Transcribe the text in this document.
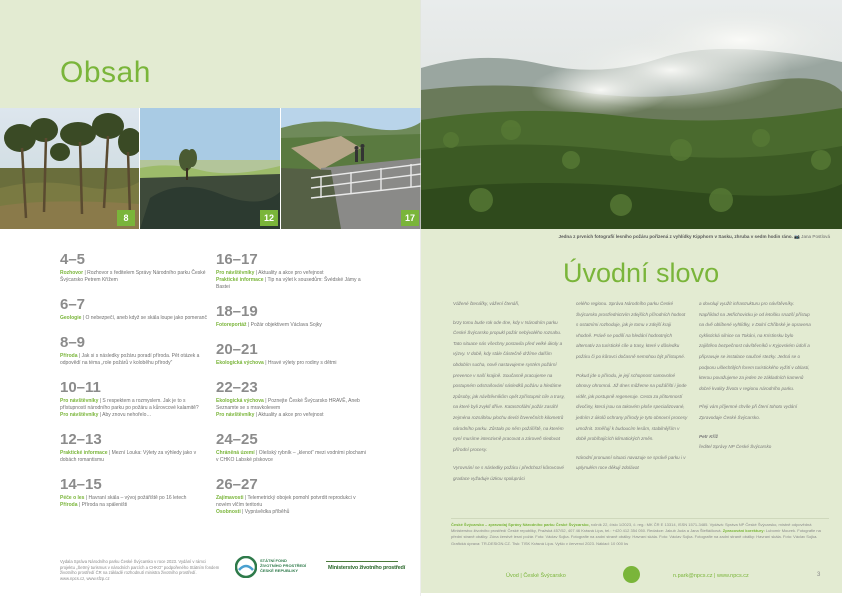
Obsah
8	12	17
4–5
Rozhovor | Rozhovor s ředitelem Správy Národního parku České Švýcarsko Petrem Křížem
6–7
Geologie | O nebezpečí, aneb když se skála loupe jako pomeranč
8–9
Příroda | Jak si s následky požáru poradí příroda. Pět otázek a odpovědí na téma „role požárů v koloběhu přírody“
10–11
Pro návštěvníky | S respektem a rozmyslem. Jak je to s přístupností národního parku po požáru a kůrovcové kalamitě?
Pro návštěvníky | Aby znovu nehořelo…
12–13
Praktické informace | Mezní Louka: Výlety za výhledy jako v dobách romantismu
14–15
Péče o les | Havraní skála – vývoj požářiště po 16 letech
Příroda | Příroda na spáleništi
16–17
Pro návštěvníky | Aktuality a akce pro veřejnost
Praktické informace | Tip na výlet k sousedům: Švédské Jámy a Bastei
18–19
Fotoreportáž | Požár objektivem Václava Sojky
20–21
Ekologická výchova | Hravé výlety pro rodiny s dětmi
22–23
Ekologická výchova | Poznejte České Švýcarsko HRAVĚ, Aneb Seznamte se s mravkolevem
Pro návštěvníky | Aktuality a akce pro veřejnost
24–25
Chráněná území | Olešský rybník – „klenot“ mezi vodními plochami v CHKO Labské pískovce
26–27
Zajímavosti | Telemetrický obojek pomohl potvrdit reprodukci v novém vlčím teritoriu
Osobnosti | Vyprávědka příběhů
Vydala Správa Národního parku České Švýcarsko v roce 2023. Vydání v rámci projektu „Šetrný turismus v národních parcích a CHKO“ podpořeného Státním fondem životního prostředí ČR na základě rozhodnutí ministra životního prostředí. www.npcs.cz, www.sfzp.cz
STÁTNÍ FOND
ŽIVOTNÍHO PROSTŘEDÍ
ČESKÉ REPUBLIKY	Ministerstvo životního prostředí
Jedna z prvních fotografií lesního požáru pořízená z vyhlídky Kipphorn v Sasku, zhruba v sedm hodin ráno. 📷 Jana Postlová
Úvodní slovo

Vážené čtenářky, vážení čtenáři,

brzy tomu bude rok ode dne, kdy v Národním parku České Švýcarsko propukl požár nebývalého rozsahu. Tato situace nás všechny postavila před velké úkoly a výzvy. V době, kdy stále částečně držíme dalším obdobím sucha, nově nastavujeme systém požární prevence v naší krajině. Současně pracujeme na postupném odstraňování následků požáru a hledáme způsoby, jak návštěvníkům opět zpřístupnit cíle a trasy, na které byli zvyklí dříve. Katastrofální požár zasáhl zejména rozsáhlou plochu devíti čtverečních kilometrů národního parku. Zůstalo po něm požářiště, na kterém nyní musíme intenzivně pracovat a zároveň sledovat přírodní procesy.

Vyrovnání se s následky požáru i předchozí kůrovcové gradace vyžaduje úzkou spolupráci

celého regionu. Správa Národního parku České Švýcarsko prostřednictvím zdejších přírodních hodnot s ostatními rozhoduje, jak je tomu v zdejší kraji vhodně. Právě se podílí na hledání hodnotných alternativ za turistické cíle a trasy, které v důsledku požáru či po kůrovci dočasně nemohou být přístupné.

Pokud jde o přírodu, je její schopnost samovolné obnovy ohromná. Již dnes můžeme na požářišti i jinde vidět, jak postupně regeneruje. Cesta za přitomností divočiny, která jsou na takovém ploše specializované, jedním z úkolů ochrany přírody je tyto obnovní procesy umožnit. Směřují k budoucím lesům, stabilnějším v době probíhajících klimatických změn.

Národní pronuaní situaci navazuje se správě parku i v uplynulém roce děkuji zdolávat

a dovoluji využít infrastrukturu pro návštěvníky. Například na Jetřichovicku je od letošku snazší přístup na dvě oblíbené vyhlídky, v Dolní Chřibské je opravena cyklistická silnice na Tokáni, na Kristinsku bylo zajištěno bezpečnost návštěvníků v Kyjovském údolí a připravuje se instalace naučné stezky. Jedná se o podporu ušlechtilých forem turistického vyžití v oblasti, kterou považujeme za jeden ze základních kamenů dobré kvality života v regionu národního parku.

Přeji vám příjemné chvíle při čtení tohoto vydání Zpravodaje České Švýcarsko.

Petr Kříž

ředitel Správy NP České Švýcarsko

České Švýcarsko – zpravodaj Správy Národního parku České Švýcarsko, ročník 22, číslo 1/2023, č. reg.: MK ČR E 13314, ISSN 1571-3485. Vydává: Správa NP České Švýcarsko, místně odpovědná Ministerstvo životního prostředí České republiky, Pražská 457/52, 407 46 Krásná Lípa, tel.: +420 412 354 050. Redakce: Jakub Juda a Jana Štefláčková. Zpracování korektury: Lubomír Mourek. Fotografie na přední straně obálky: Zóna čerstvě lesní požár. Foto: Václav Sojka. Fotografie na zadní straně obálky: Havraní skála. Foto: Václav Sojka. Fotografie na zadní straně obálky: Havraní skála. Foto: Václav Sojka. Grafická úprava: TR-DESIGN.CZ. Tisk: TISK Krásná Lípa. Vyšlo v červenci 2023. Náklad: 10 000 ks
Úvod | České Švýcarsko	n.park@npcs.cz | www.npcs.cz	3
